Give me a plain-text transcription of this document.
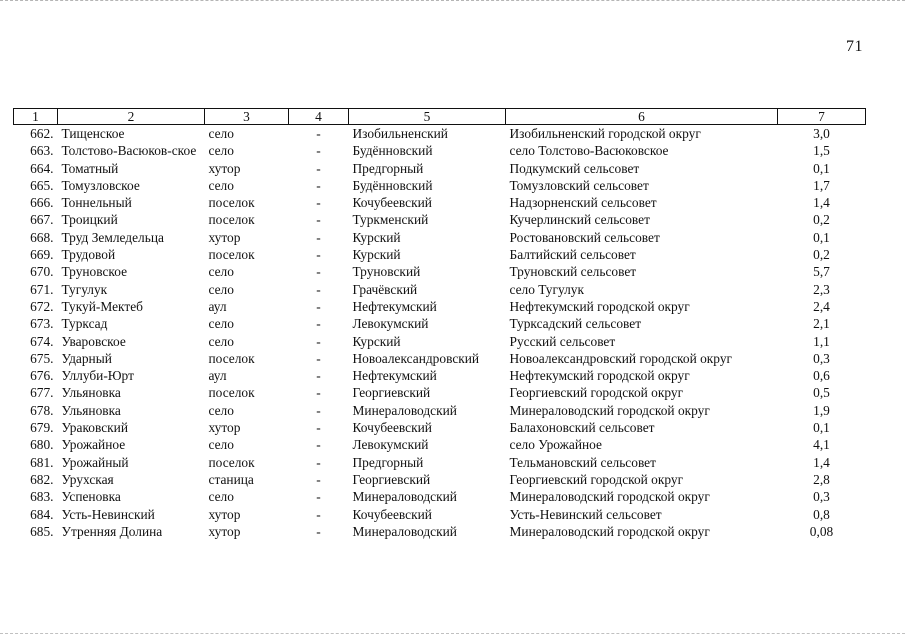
71
1	2	3	4	5	6	7
662.	Тищенское	село	-	Изобильненский	Изобильненский городской округ	3,0
663.	Толстово-Васюков-ское	село	-	Будённовский	село Толстово-Васюковское	1,5
664.	Томатный	хутор	-	Предгорный	Подкумский сельсовет	0,1
665.	Томузловское	село	-	Будённовский	Томузловский сельсовет	1,7
666.	Тоннельный	поселок	-	Кочубеевский	Надзорненский сельсовет	1,4
667.	Троицкий	поселок	-	Туркменский	Кучерлинский сельсовет	0,2
668.	Труд Земледельца	хутор	-	Курский	Ростовановский сельсовет	0,1
669.	Трудовой	поселок	-	Курский	Балтийский сельсовет	0,2
670.	Труновское	село	-	Труновский	Труновский сельсовет	5,7
671.	Тугулук	село	-	Грачёвский	село Тугулук	2,3
672.	Тукуй-Мектеб	аул	-	Нефтекумский	Нефтекумский городской округ	2,4
673.	Турксад	село	-	Левокумский	Турксадский сельсовет	2,1
674.	Уваровское	село	-	Курский	Русский сельсовет	1,1
675.	Ударный	поселок	-	Новоалександровский	Новоалександровский городской округ	0,3
676.	Уллуби-Юрт	аул	-	Нефтекумский	Нефтекумский городской округ	0,6
677.	Ульяновка	поселок	-	Георгиевский	Георгиевский городской округ	0,5
678.	Ульяновка	село	-	Минераловодский	Минераловодский городской округ	1,9
679.	Ураковский	хутор	-	Кочубеевский	Балахоновский сельсовет	0,1
680.	Урожайное	село	-	Левокумский	село Урожайное	4,1
681.	Урожайный	поселок	-	Предгорный	Тельмановский сельсовет	1,4
682.	Урухская	станица	-	Георгиевский	Георгиевский городской округ	2,8
683.	Успеновка	село	-	Минераловодский	Минераловодский городской округ	0,3
684.	Усть-Невинский	хутор	-	Кочубеевский	Усть-Невинский сельсовет	0,8
685.	Утренняя Долина	хутор	-	Минераловодский	Минераловодский городской округ	0,08
